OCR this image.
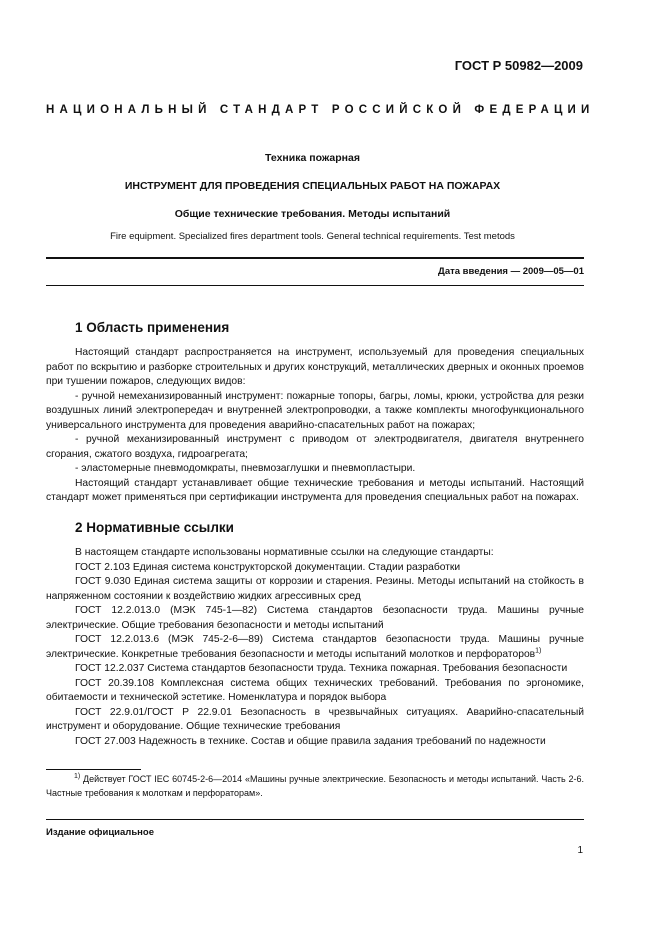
ГОСТ Р 50982—2009
НАЦИОНАЛЬНЫЙ СТАНДАРТ РОССИЙСКОЙ ФЕДЕРАЦИИ
Техника пожарная
ИНСТРУМЕНТ ДЛЯ ПРОВЕДЕНИЯ СПЕЦИАЛЬНЫХ РАБОТ НА ПОЖАРАХ
Общие технические требования. Методы испытаний
Fire equipment. Specialized fires department tools. General technical requirements. Test metods
Дата введения — 2009—05—01
1 Область применения

Настоящий стандарт распространяется на инструмент, используемый для проведения специальных работ по вскрытию и разборке строительных и других конструкций, металлических дверных и оконных проемов при тушении пожаров, следующих видов:

- ручной немеханизированный инструмент: пожарные топоры, багры, ломы, крюки, устройства для резки воздушных линий электропередач и внутренней электропроводки, а также комплекты многофункционального универсального инструмента для проведения аварийно-спасательных работ на пожарах;

- ручной механизированный инструмент с приводом от электродвигателя, двигателя внутреннего сгорания, сжатого воздуха, гидроагрегата;

- эластомерные пневмодомкраты, пневмозаглушки и пневмопластыри.

Настоящий стандарт устанавливает общие технические требования и методы испытаний. Настоящий стандарт может применяться при сертификации инструмента для проведения специальных работ на пожарах.

2 Нормативные ссылки

В настоящем стандарте использованы нормативные ссылки на следующие стандарты:

ГОСТ 2.103 Единая система конструкторской документации. Стадии разработки

ГОСТ 9.030 Единая система защиты от коррозии и старения. Резины. Методы испытаний на стойкость в напряженном состоянии к воздействию жидких агрессивных сред

ГОСТ 12.2.013.0 (МЭК 745-1—82) Система стандартов безопасности труда. Машины ручные электрические. Общие требования безопасности и методы испытаний

ГОСТ 12.2.013.6 (МЭК 745-2-6—89) Система стандартов безопасности труда. Машины ручные электрические. Конкретные требования безопасности и методы испытаний молотков и перфораторов$^{1)}$

ГОСТ 12.2.037 Система стандартов безопасности труда. Техника пожарная. Требования безопасности

ГОСТ 20.39.108 Комплексная система общих технических требований. Требования по эргономике, обитаемости и технической эстетике. Номенклатура и порядок выбора

ГОСТ 22.9.01/ГОСТ Р 22.9.01 Безопасность в чрезвычайных ситуациях. Аварийно-спасательный инструмент и оборудование. Общие технические требования

ГОСТ 27.003 Надежность в технике. Состав и общие правила задания требований по надежности

$^{1)}$ Действует ГОСТ IEC 60745-2-6—2014 «Машины ручные электрические. Безопасность и методы испытаний. Часть 2-6. Частные требования к молоткам и перфораторам».

Издание официальное
1
